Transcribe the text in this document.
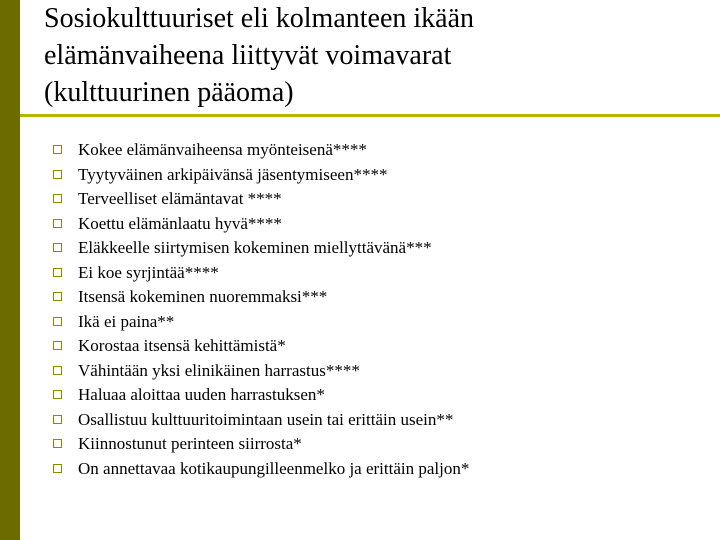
Sosiokulttuuriset eli kolmanteen ikään
elämänvaiheena liittyvät voimavarat
(kulttuurinen pääoma)
Kokee elämänvaiheensa myönteisenä****
Tyytyväinen arkipäivänsä jäsentymiseen****
Terveelliset elämäntavat ****
Koettu elämänlaatu hyvä****
Eläkkeelle siirtymisen kokeminen miellyttävänä***
Ei koe syrjintää****
Itsensä kokeminen nuoremmaksi***
Ikä ei paina**
Korostaa itsensä kehittämistä*
Vähintään yksi elinikäinen harrastus****
Haluaa aloittaa uuden harrastuksen*
Osallistuu kulttuuritoimintaan usein tai erittäin usein**
Kiinnostunut perinteen siirrosta*
On annettavaa kotikaupungilleenmelko ja erittäin paljon*
